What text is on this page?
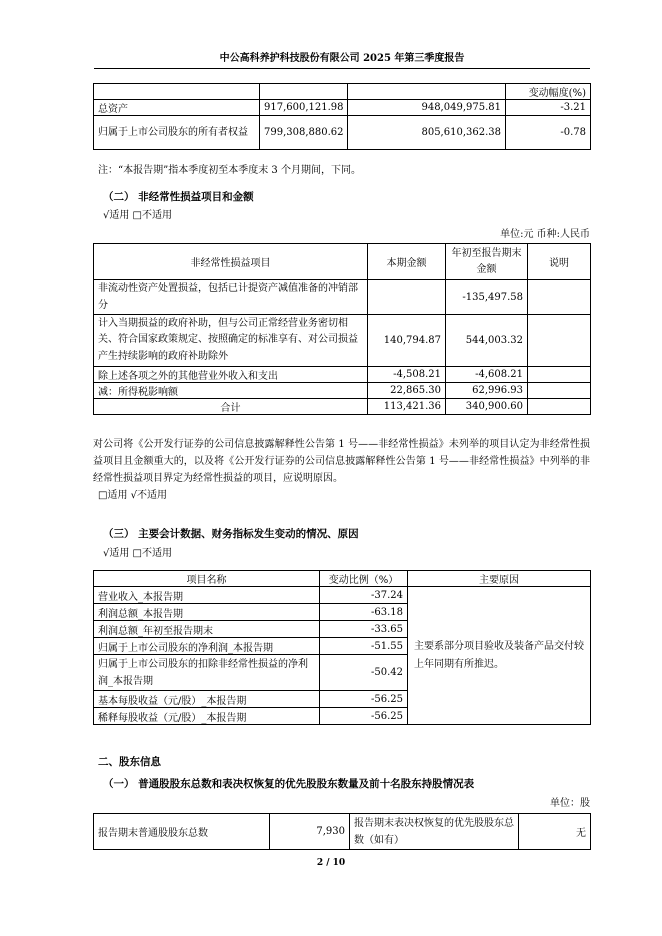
中公高科养护科技股份有限公司 2025 年第三季度报告
			变动幅度(%)
总资产	917,600,121.98	948,049,975.81	-3.21
归属于上市公司股东的所有者权益	799,308,880.62	805,610,362.38	-0.78
注：“本报告期”指本季度初至本季度末 3 个月期间，下同。
（二） 非经常性损益项目和金额
√适用 □不适用
单位:元 币种:人民币
非经常性损益项目	本期金额	年初至报告期末金额	说明
非流动性资产处置损益，包括已计提资产减值准备的冲销部分		-135,497.58	
计入当期损益的政府补助，但与公司正常经营业务密切相关、符合国家政策规定、按照确定的标准享有、对公司损益产生持续影响的政府补助除外	140,794.87	544,003.32	
除上述各项之外的其他营业外收入和支出	-4,508.21	-4,608.21	
减：所得税影响额	22,865.30	62,996.93	
合计	113,421.36	340,900.60	
对公司将《公开发行证券的公司信息披露解释性公告第 1 号——非经常性损益》未列举的项目认定为非经常性损益项目且金额重大的，以及将《公开发行证券的公司信息披露解释性公告第 1 号——非经常性损益》中列举的非经常性损益项目界定为经常性损益的项目，应说明原因。
□适用 √不适用
（三） 主要会计数据、财务指标发生变动的情况、原因
√适用 □不适用
项目名称	变动比例（%）	主要原因
营业收入_本报告期	-37.24	主要系部分项目验收及装备产品交付较上年同期有所推迟。
利润总额_本报告期	-63.18	
利润总额_年初至报告期末	-33.65	
归属于上市公司股东的净利润_本报告期	-51.55	
归属于上市公司股东的扣除非经常性损益的净利润_本报告期	-50.42	
基本每股收益（元/股）_本报告期	-56.25	
稀释每股收益（元/股）_本报告期	-56.25	
二、股东信息
（一） 普通股股东总数和表决权恢复的优先股股东数量及前十名股东持股情况表
单位：股
报告期末普通股股东总数	7,930	报告期末表决权恢复的优先股股东总数（如有）	无
2 / 10
